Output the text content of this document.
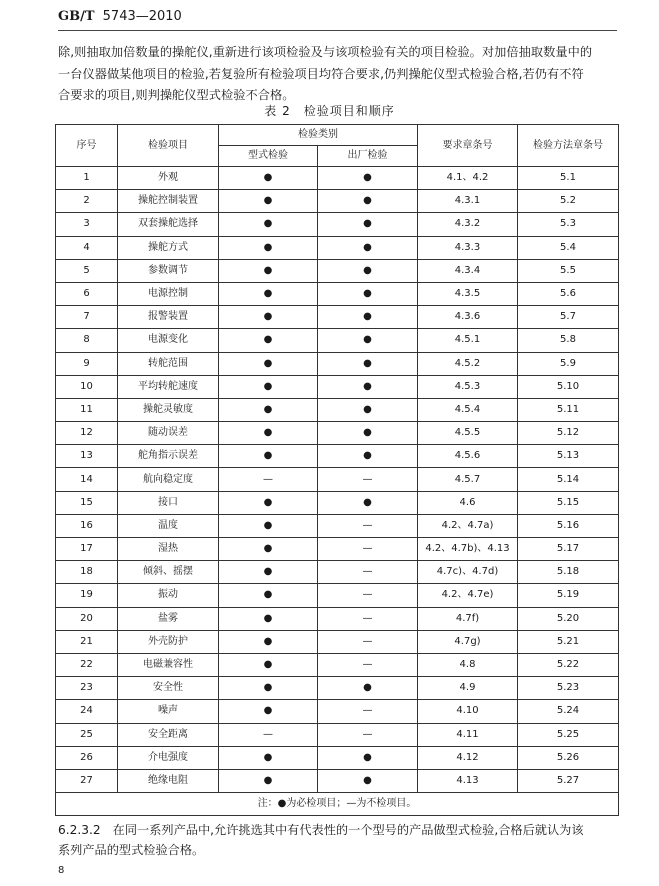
GB/T 5743—2010

除,则抽取加倍数量的操舵仪,重新进行该项检验及与该项检验有关的项目检验。对加倍抽取数量中的

一台仪器做某他项目的检验,若复验所有检验项目均符合要求,仍判操舵仪型式检验合格,若仍有不符

合要求的项目,则判操舵仪型式检验不合格。

表 2　检验项目和顺序
序号	检验项目	检验类别		要求章条号	检验方法章条号
		型式检验	出厂检验		
1	外观	●	●	4.1、4.2	5.1
2	操舵控制装置	●	●	4.3.1	5.2
3	双套操舵选择	●	●	4.3.2	5.3
4	操舵方式	●	●	4.3.3	5.4
5	参数调节	●	●	4.3.4	5.5
6	电源控制	●	●	4.3.5	5.6
7	报警装置	●	●	4.3.6	5.7
8	电源变化	●	●	4.5.1	5.8
9	转舵范围	●	●	4.5.2	5.9
10	平均转舵速度	●	●	4.5.3	5.10
11	操舵灵敏度	●	●	4.5.4	5.11
12	随动误差	●	●	4.5.5	5.12
13	舵角指示误差	●	●	4.5.6	5.13
14	航向稳定度	—	—	4.5.7	5.14
15	接口	●	●	4.6	5.15
16	温度	●	—	4.2、4.7a)	5.16
17	湿热	●	—	4.2、4.7b)、4.13	5.17
18	倾斜、摇摆	●	—	4.7c)、4.7d)	5.18
19	振动	●	—	4.2、4.7e)	5.19
20	盐雾	●	—	4.7f)	5.20
21	外壳防护	●	—	4.7g)	5.21
22	电磁兼容性	●	—	4.8	5.22
23	安全性	●	●	4.9	5.23
24	噪声	●	—	4.10	5.24
25	安全距离	—	—	4.11	5.25
26	介电强度	●	●	4.12	5.26
27	绝缘电阻	●	●	4.13	5.27
注：●为必检项目；—为不检项目。					
6.2.3.2 在同一系列产品中,允许挑选其中有代表性的一个型号的产品做型式检验,合格后就认为该
系列产品的型式检验合格。
8
